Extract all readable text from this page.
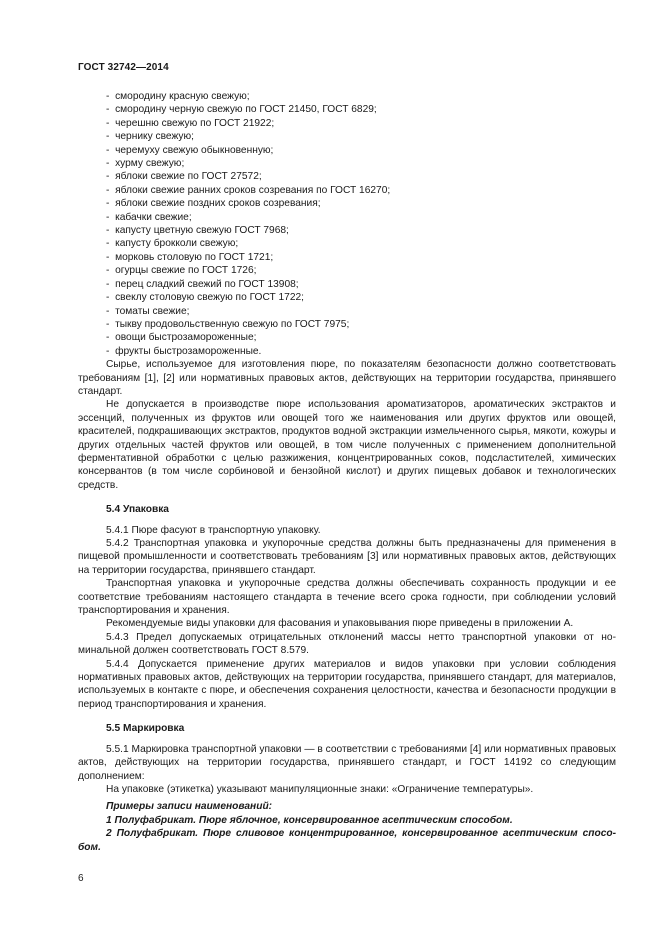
ГОСТ 32742—2014

-  смородину красную свежую;

-  смородину черную свежую по ГОСТ 21450, ГОСТ 6829;

-  черешню свежую по ГОСТ 21922;

-  чернику свежую;

-  черемуху свежую обыкновенную;

-  хурму свежую;

-  яблоки свежие по ГОСТ 27572;

-  яблоки свежие ранних сроков созревания по ГОСТ 16270;

-  яблоки свежие поздних сроков созревания;

-  кабачки свежие;

-  капусту цветную свежую ГОСТ 7968;

-  капусту брокколи свежую;

-  морковь столовую по ГОСТ 1721;

-  огурцы свежие по ГОСТ 1726;

-  перец сладкий свежий по ГОСТ 13908;

-  свеклу столовую свежую по ГОСТ 1722;

-  томаты свежие;

-  тыкву продовольственную свежую по ГОСТ 7975;

-  овощи быстрозамороженные;

-  фрукты быстрозамороженные.

Сырье, используемое для изготовления пюре, по показателям безопасности должно соответствовать требованиям [1], [2] или нормативных правовых актов, действующих на территории государства, принявшего стандарт.

Не допускается в производстве пюре использования ароматизаторов, ароматических экстрактов и эссенций, полученных из фруктов или овощей того же наименования или других фруктов или овощей, красителей, подкрашивающих экстрактов, продуктов водной экстракции измельченного сырья, мякоти, кожуры и других отдельных частей фруктов или овощей, в том числе полученных с применением дополнительной ферментативной обработки с целью разжижения, концентрированных соков, подсластителей, химических консервантов (в том числе сорбиновой и бензойной кислот) и других пищевых добавок и технологических средств.

5.4 Упаковка

5.4.1 Пюре фасуют в транспортную упаковку.

5.4.2 Транспортная упаковка и укупорочные средства должны быть предназначены для применения в пищевой промышленности и соответствовать требованиям [3] или нормативных правовых актов, действующих на территории государства, принявшего стандарт.

Транспортная упаковка и укупорочные средства должны обеспечивать сохранность продукции и ее соответствие требованиям настоящего стандарта в течение всего срока годности, при соблюдении условий транспортирования и хранения.

Рекомендуемые виды упаковки для фасования и упаковывания пюре приведены в приложении А.

5.4.3 Предел допускаемых отрицательных отклонений массы нетто транспортной упаковки от номинальной должен соответствовать ГОСТ 8.579.

5.4.4 Допускается применение других материалов и видов упаковки при условии соблюдения нормативных правовых актов, действующих на территории государства, принявшего стандарт, для материалов, используемых в контакте с пюре, и обеспечения сохранения целостности, качества и безопасности продукции в период транспортирования и хранения.

5.5 Маркировка

5.5.1 Маркировка транспортной упаковки — в соответствии с требованиями [4] или нормативных правовых актов, действующих на территории государства, принявшего стандарт, и ГОСТ 14192 со следующим дополнением:

На упаковке (этикетка) указывают манипуляционные знаки: «Ограничение температуры».

Примеры записи наименований:

1 Полуфабрикат. Пюре яблочное, консервированное асептическим способом.

2 Полуфабрикат. Пюре сливовое концентрированное, консервированное асептическим способом.

6
